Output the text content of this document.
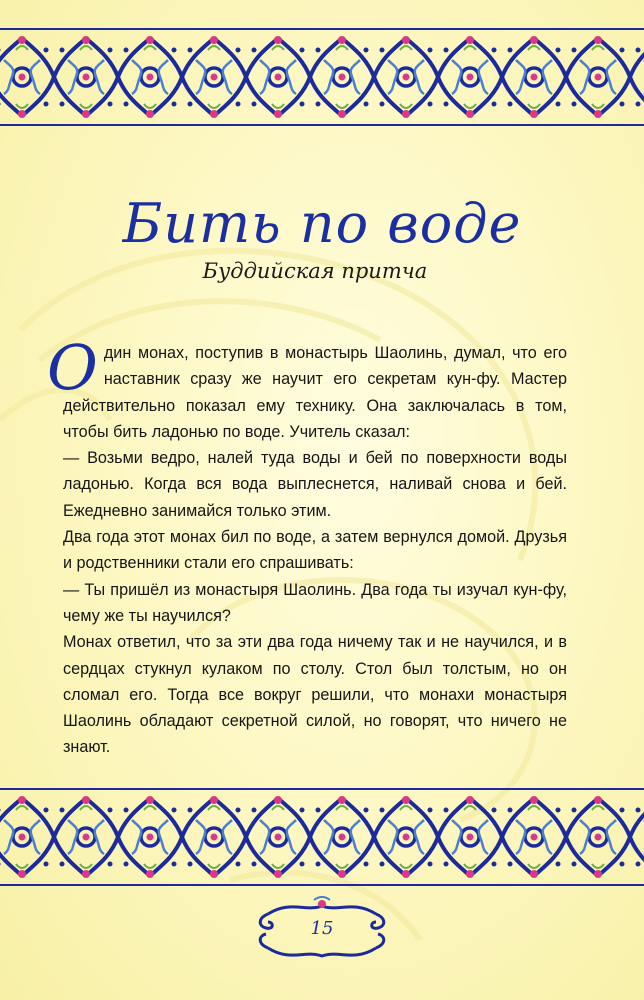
Бить по воде
Буддийская притча

Один монах, поступив в монастырь Шаолинь, думал, что его наставник сразу же научит его секретам кун-фу. Мастер действительно показал ему технику. Она заключалась в том, чтобы бить ладонью по воде. Учитель сказал:

— Возьми ведро, налей туда воды и бей по поверхности воды ладонью. Когда вся вода выплеснется, наливай снова и бей. Ежедневно занимайся только этим.

Два года этот монах бил по воде, а затем вернулся домой. Друзья и родственники стали его спрашивать:

— Ты пришёл из монастыря Шаолинь. Два года ты изучал кун-фу, чему же ты научился?

Монах ответил, что за эти два года ничему так и не научился, и в сердцах стукнул кулаком по столу. Стол был толстым, но он сломал его. Тогда все вокруг решили, что монахи монастыря Шаолинь обладают секретной силой, но говорят, что ничего не знают.

15
